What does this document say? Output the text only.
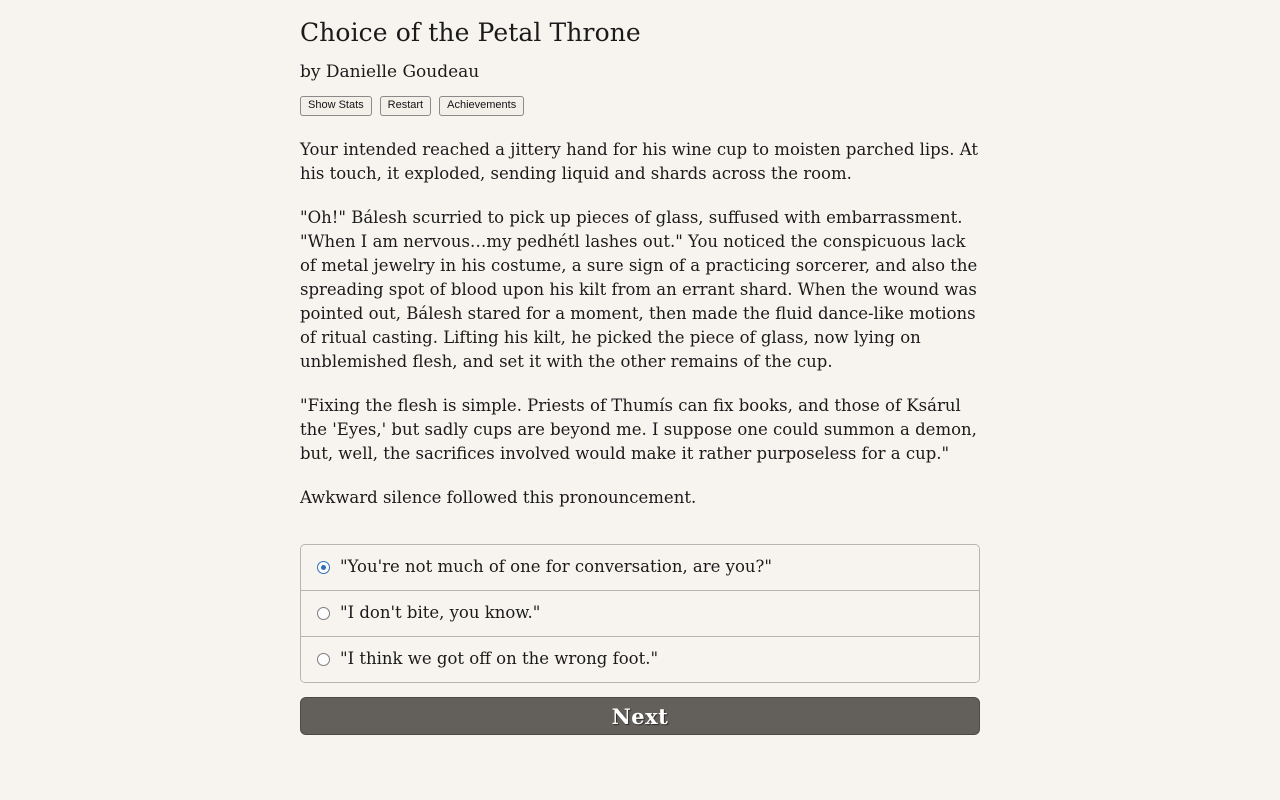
Choice of the Petal Throne
by Danielle Goudeau
Show Stats	Restart	Achievements

Your intended reached a jittery hand for his wine cup to moisten parched lips. At his touch, it exploded, sending liquid and shards across the room.

"Oh!" Bálesh scurried to pick up pieces of glass, suffused with embarrassment. "When I am nervous…my pedhétl lashes out." You noticed the conspicuous lack of metal jewelry in his costume, a sure sign of a practicing sorcerer, and also the spreading spot of blood upon his kilt from an errant shard. When the wound was pointed out, Bálesh stared for a moment, then made the fluid dance-like motions of ritual casting. Lifting his kilt, he picked the piece of glass, now lying on unblemished flesh, and set it with the other remains of the cup.

"Fixing the flesh is simple. Priests of Thumís can fix books, and those of Ksárul the 'Eyes,' but sadly cups are beyond me. I suppose one could summon a demon, but, well, the sacrifices involved would make it rather purposeless for a cup."

Awkward silence followed this pronouncement.

"You're not much of one for conversation, are you?"
"I don't bite, you know."
"I think we got off on the wrong foot."
Next
